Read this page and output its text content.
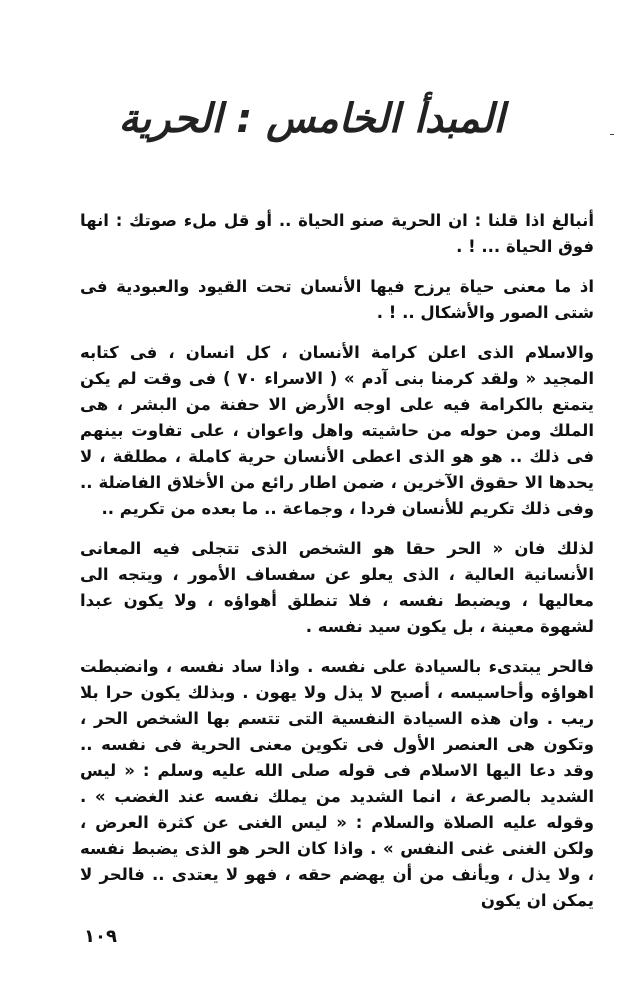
المبدأ الخامس : الحرية

أنبالغ اذا قلنا : ان الحرية صنو الحياة .. أو قل ملء صوتك : انها فوق الحياة ... ! .

اذ ما معنى حياة يرزح فيها الأنسان تحت القيود والعبودية فى شتى الصور والأشكال .. ! .

والاسلام الذى اعلن كرامة الأنسان ، كل انسان ، فى كتابه المجيد « ولقد كرمنا بنى آدم » ( الاسراء ٧٠ ) فى وقت لم يكن يتمتع بالكرامة فيه على اوجه الأرض الا حفنة من البشر ، هى الملك ومن حوله من حاشيته واهل واعوان ، على تفاوت بينهم فى ذلك .. هو هو الذى اعطى الأنسان حرية كاملة ، مطلقة ، لا يحدها الا حقوق الآخرين ، ضمن اطار رائع من الأخلاق الفاضلة .. وفى ذلك تكريم للأنسان فردا ، وجماعة .. ما بعده من تكريم ..

لذلك فان « الحر حقا هو الشخص الذى تتجلى فيه المعانى الأنسانية العالية ، الذى يعلو عن سفساف الأمور ، ويتجه الى معاليها ، ويضبط نفسه ، فلا تنطلق أهواؤه ، ولا يكون عبدا لشهوة معينة ، بل يكون سيد نفسه .

فالحر يبتدىء بالسيادة على نفسه . واذا ساد نفسه ، وانضبطت اهواؤه وأحاسيسه ، أصبح لا يذل ولا يهون . وبذلك يكون حرا بلا ريب . وان هذه السيادة النفسية التى تتسم بها الشخص الحر ، وتكون هى العنصر الأول فى تكوين معنى الحرية فى نفسه .. وقد دعا اليها الاسلام فى قوله صلى الله عليه وسلم : « ليس الشديد بالصرعة ، انما الشديد من يملك نفسه عند الغضب » . وقوله عليه الصلاة والسلام : « ليس الغنى عن كثرة العرض ، ولكن الغنى غنى النفس » . واذا كان الحر هو الذى يضبط نفسه ، ولا يذل ، ويأنف من أن يهضم حقه ، فهو لا يعتدى .. فالحر لا يمكن ان يكون

١٠٩
